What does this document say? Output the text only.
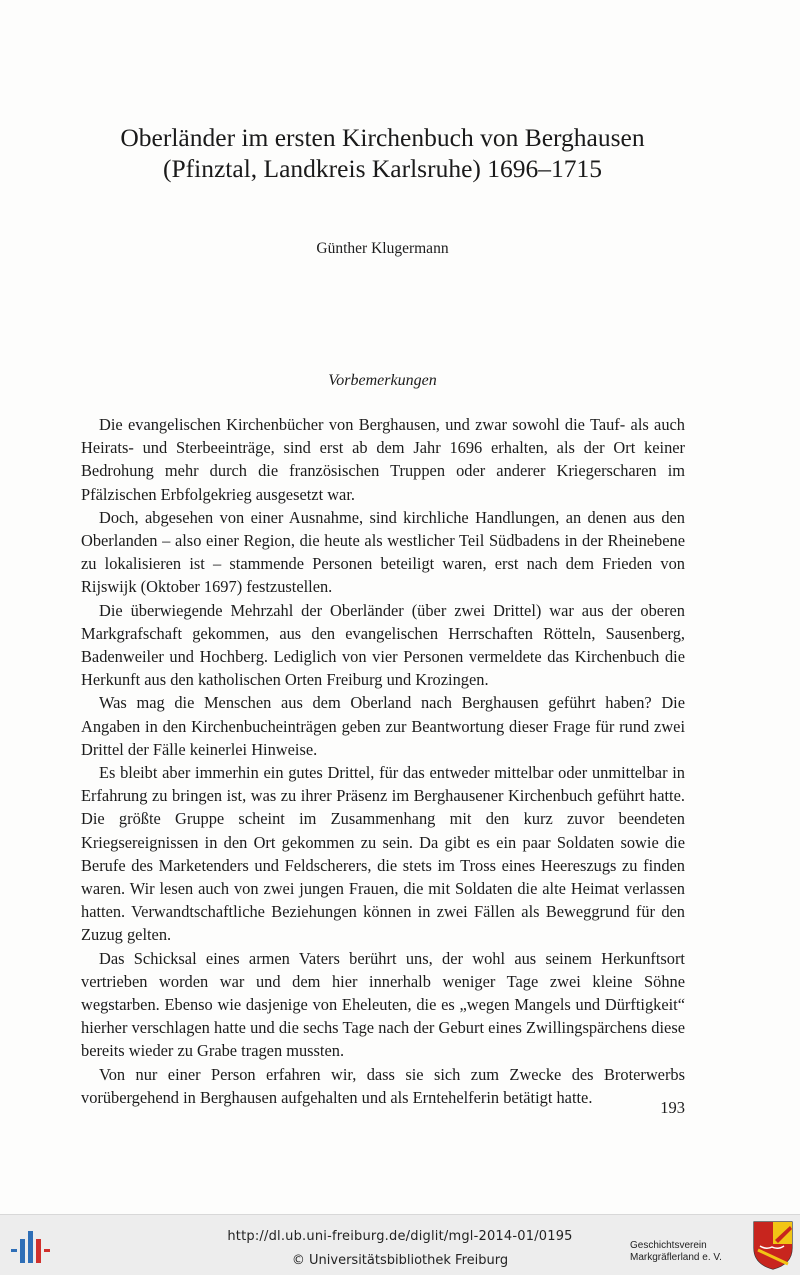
Oberländer im ersten Kirchenbuch von Berghausen
(Pfinztal, Landkreis Karlsruhe) 1696–1715
Günther Klugermann
Vorbemerkungen

Die evangelischen Kirchenbücher von Berghausen, und zwar sowohl die Tauf- als auch Heirats- und Sterbeeinträge, sind erst ab dem Jahr 1696 erhalten, als der Ort keiner Bedrohung mehr durch die französischen Truppen oder anderer Kriegerscharen im Pfälzischen Erbfolgekrieg ausgesetzt war.

Doch, abgesehen von einer Ausnahme, sind kirchliche Handlungen, an denen aus den Oberlanden – also einer Region, die heute als westlicher Teil Südbadens in der Rheinebene zu lokalisieren ist – stammende Personen beteiligt waren, erst nach dem Frieden von Rijswijk (Oktober 1697) festzustellen.

Die überwiegende Mehrzahl der Oberländer (über zwei Drittel) war aus der oberen Markgrafschaft gekommen, aus den evangelischen Herrschaften Rötteln, Sausenberg, Badenweiler und Hochberg. Lediglich von vier Personen vermeldete das Kirchenbuch die Herkunft aus den katholischen Orten Freiburg und Krozingen.

Was mag die Menschen aus dem Oberland nach Berghausen geführt haben? Die Angaben in den Kirchenbucheinträgen geben zur Beantwortung dieser Frage für rund zwei Drittel der Fälle keinerlei Hinweise.

Es bleibt aber immerhin ein gutes Drittel, für das entweder mittelbar oder unmittelbar in Erfahrung zu bringen ist, was zu ihrer Präsenz im Berghausener Kirchenbuch geführt hatte. Die größte Gruppe scheint im Zusammenhang mit den kurz zuvor beendeten Kriegsereignissen in den Ort gekommen zu sein. Da gibt es ein paar Soldaten sowie die Berufe des Marketenders und Feldscherers, die stets im Tross eines Heereszugs zu finden waren. Wir lesen auch von zwei jungen Frauen, die mit Soldaten die alte Heimat verlassen hatten. Verwandtschaftliche Beziehungen können in zwei Fällen als Beweggrund für den Zuzug gelten.

Das Schicksal eines armen Vaters berührt uns, der wohl aus seinem Herkunftsort vertrieben worden war und dem hier innerhalb weniger Tage zwei kleine Söhne wegstarben. Ebenso wie dasjenige von Eheleuten, die es „wegen Mangels und Dürftigkeit“ hierher verschlagen hatte und die sechs Tage nach der Geburt eines Zwillingspärchens diese bereits wieder zu Grabe tragen mussten.

Von nur einer Person erfahren wir, dass sie sich zum Zwecke des Broterwerbs vorübergehend in Berghausen aufgehalten und als Erntehelferin betätigt hatte.

193
http://dl.ub.uni-freiburg.de/diglit/mgl-2014-01/0195
© Universitätsbibliothek Freiburg
Geschichtsverein
Markgräflerland e. V.
